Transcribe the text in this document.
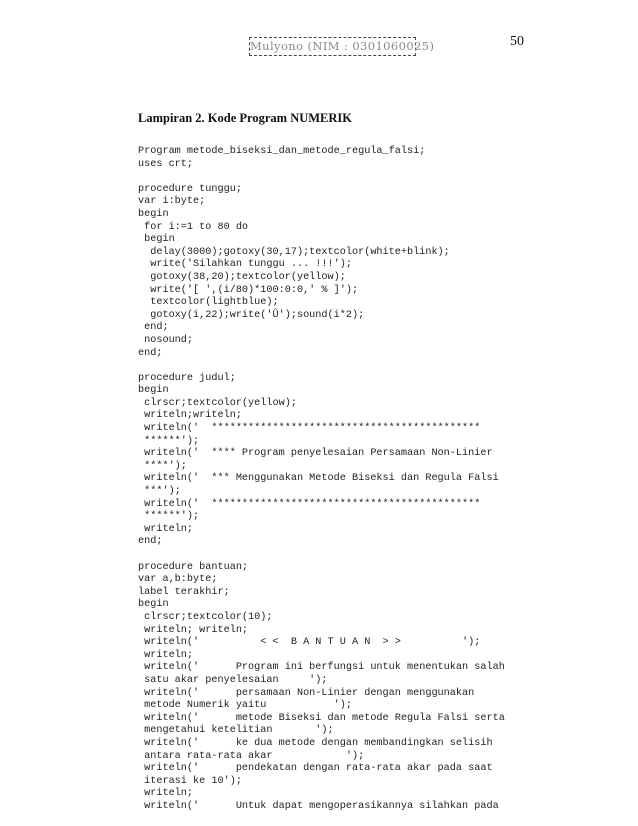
Mulyono (NIM : 0301060025)	50
Lampiran 2. Kode Program NUMERIK
Program metode_biseksi_dan_metode_regula_falsi;
uses crt;
procedure tunggu;
var i:byte;
begin
for i:=1 to 80 do
begin
delay(3000);gotoxy(30,17);textcolor(white+blink);
write('Silahkan tunggu ... !!!');
gotoxy(38,20);textcolor(yellow);
write('[ ',(i/80)*100:0:0,' % ]');
textcolor(lightblue);
gotoxy(i,22);write('Û');sound(i*2);
end;
nosound;
end;
procedure judul;
begin
clrscr;textcolor(yellow);
writeln;writeln;
writeln('  ********************************************
******');
writeln('  **** Program penyelesaian Persamaan Non-Linier
****');
writeln('  *** Menggunakan Metode Biseksi dan Regula Falsi
***');
writeln('  ********************************************
******');
writeln;
end;
procedure bantuan;
var a,b:byte;
label terakhir;
begin
clrscr;textcolor(10);
writeln; writeln;
writeln('          < <  B A N T U A N  > >          ');
writeln;
writeln('      Program ini berfungsi untuk menentukan salah
satu akar penyelesaian     ');
writeln('      persamaan Non-Linier dengan menggunakan
metode Numerik yaitu           ');
writeln('      metode Biseksi dan metode Regula Falsi serta
mengetahui ketelitian       ');
writeln('      ke dua metode dengan membandingkan selisih
antara rata-rata akar            ');
writeln('      pendekatan dengan rata-rata akar pada saat
iterasi ke 10');
writeln;
writeln('      Untuk dapat mengoperasikannya silahkan pada
